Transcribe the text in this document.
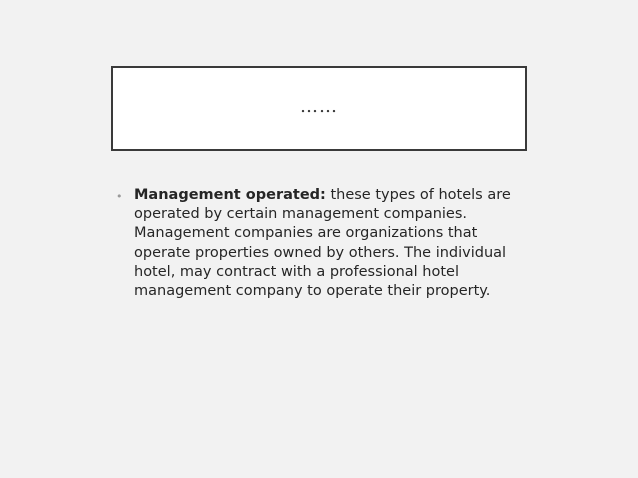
……
• Management operated: these types of hotels are operated by certain management companies. Management companies are organizations that operate properties owned by others. The individual hotel, may contract with a professional hotel management company to operate their property.
